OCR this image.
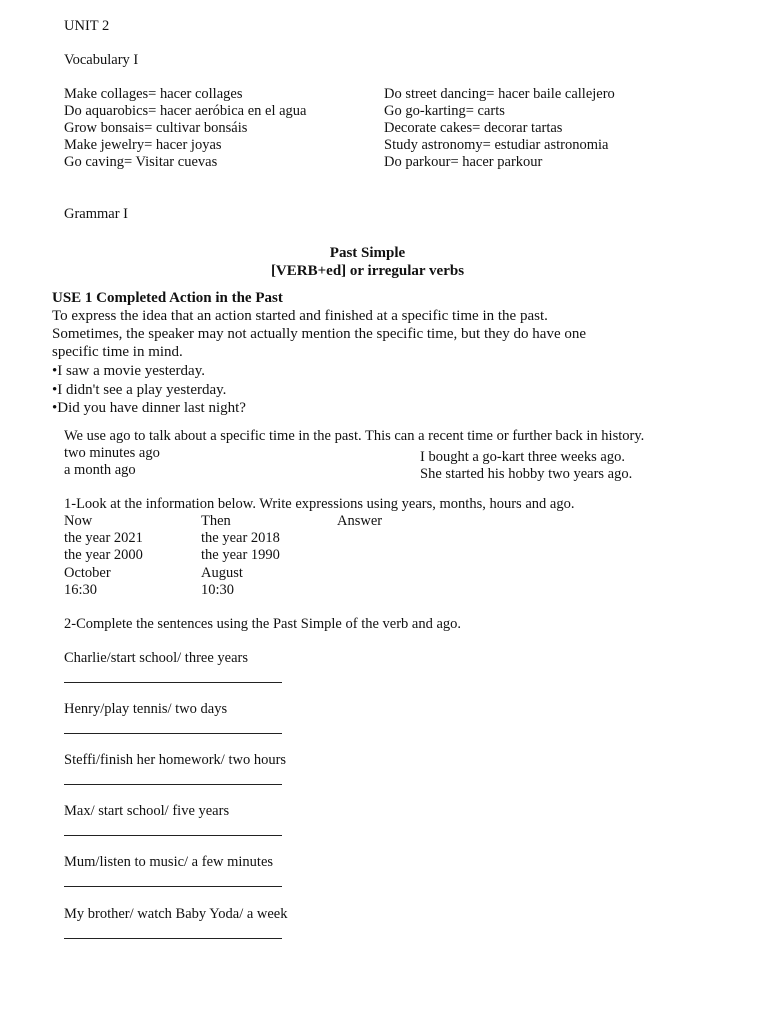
UNIT 2
Vocabulary I
Make collages= hacer collages
Do aquarobics= hacer aeróbica en el agua
Grow bonsais= cultivar bonsáis
Make jewelry= hacer joyas
Go caving= Visitar cuevas
Do street dancing= hacer baile callejero
Go go-karting= carts
Decorate cakes= decorar tartas
Study astronomy= estudiar astronomia
Do parkour= hacer parkour
Grammar I
Past Simple
[VERB+ed] or irregular verbs
USE 1 Completed Action in the Past
To express the idea that an action started and finished at a specific time in the past.
Sometimes, the speaker may not actually mention the specific time, but they do have one
specific time in mind.
•I saw a movie yesterday.
•I didn't see a play yesterday.
•Did you have dinner last night?
We use ago to talk about a specific time in the past. This can a recent time or further back in history.
two minutes ago
a month ago
I bought a go-kart three weeks ago.
She started his hobby two years ago.
1-Look at the information below. Write expressions using years, months, hours and ago.
Now	Then	Answer
the year 2021	the year 2018
the year 2000	the year 1990
October	August
16:30	10:30
2-Complete the sentences using the Past Simple of the verb and ago.
Charlie/start school/ three years
Henry/play tennis/ two days
Steffi/finish her homework/ two hours
Max/ start school/ five years
Mum/listen to music/ a few minutes
My brother/ watch Baby Yoda/ a week
